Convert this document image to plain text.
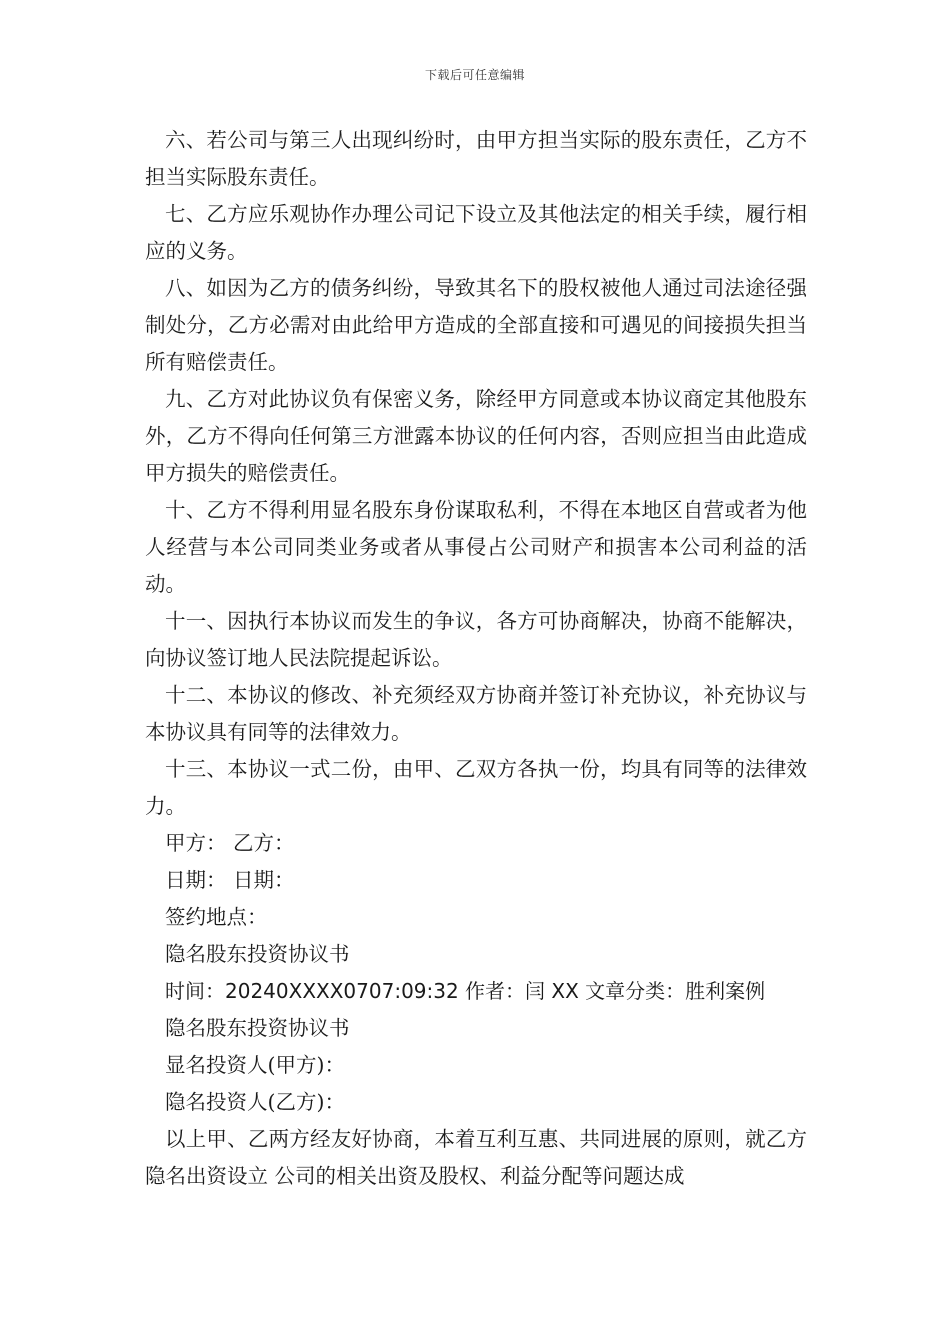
下载后可任意编辑

六、若公司与第三人出现纠纷时，由甲方担当实际的股东责任，乙方不担当实际股东责任。

七、乙方应乐观协作办理公司记下设立及其他法定的相关手续，履行相应的义务。

八、如因为乙方的债务纠纷，导致其名下的股权被他人通过司法途径强制处分，乙方必需对由此给甲方造成的全部直接和可遇见的间接损失担当所有赔偿责任。

九、乙方对此协议负有保密义务，除经甲方同意或本协议商定其他股东外，乙方不得向任何第三方泄露本协议的任何内容，否则应担当由此造成甲方损失的赔偿责任。

十、乙方不得利用显名股东身份谋取私利，不得在本地区自营或者为他人经营与本公司同类业务或者从事侵占公司财产和损害本公司利益的活动。

十一、因执行本协议而发生的争议，各方可协商解决，协商不能解决，向协议签订地人民法院提起诉讼。

十二、本协议的修改、补充须经双方协商并签订补充协议，补充协议与本协议具有同等的法律效力。

十三、本协议一式二份，由甲、乙双方各执一份，均具有同等的法律效力。

甲方： 乙方：

日期： 日期：

签约地点：

隐名股东投资协议书

时间：20240XXXX0707:09:32 作者：闫 XX 文章分类：胜利案例

隐名股东投资协议书

显名投资人(甲方)：

隐名投资人(乙方)：

以上甲、乙两方经友好协商，本着互利互惠、共同进展的原则，就乙方隐名出资设立 公司的相关出资及股权、利益分配等问题达成
